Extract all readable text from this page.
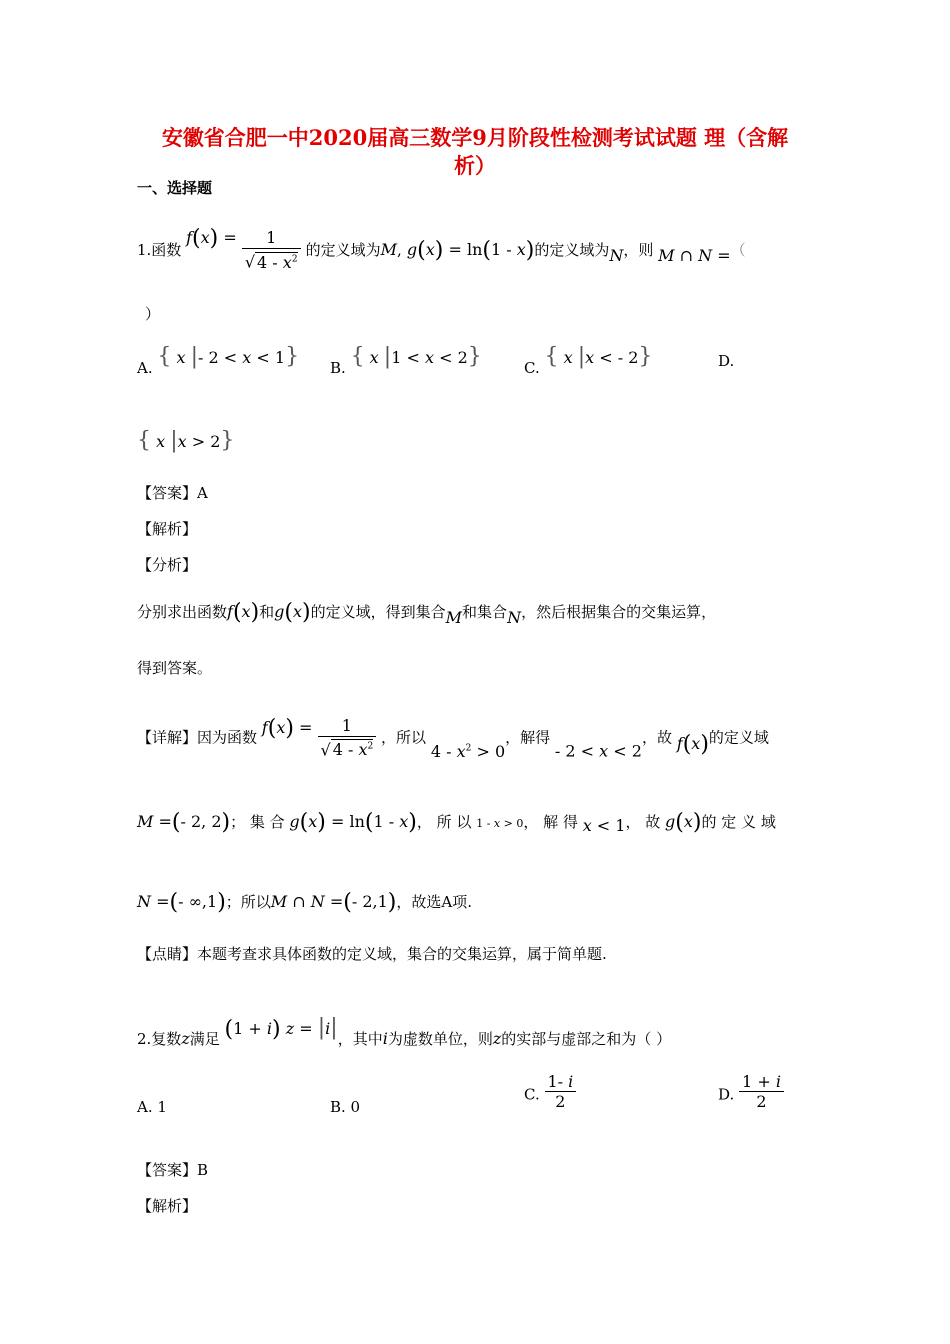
安徽省合肥一中2020届高三数学9月阶段性检测考试试题 理（含解
析）
一、选择题
1.函数 $f(x) = \frac{1}{√ 4 - x^2}$ 的定义域为M, g(x) = ln(1 - x)的定义域为N，则 M ∩ N =（
）
A. { x |- 2 < x < 1} B. { x |1 < x < 2}	C. { x |x < - 2}	D.
{ x |x > 2}
【答案】A
【解析】
【分析】
分别求出函数f(x)和g(x)的定义域，得到集合M和集合N，然后根据集合的交集运算，
得到答案。
【详解】因为函数 $f(x) = \frac{1}{√ 4 - x^2}$ ，所以 $4 - x^2 > 0$，解得 - 2 < x < 2，故 f(x)的定义域
M =(- 2, 2)； 集 合 g(x) = ln(1 - x)， 所 以 1 - x > 0， 解 得 x < 1， 故 g(x)的 定 义 域
N =(- ∞,1)；所以M ∩ N =(- 2,1)，故选A项.
【点睛】本题考查求具体函数的定义域，集合的交集运算，属于简单题.
2.复数z满足 (1 + i) z = |i|，其中i为虚数单位，则z的实部与虚部之和为（ ）
A. 1	B. 0
C. $\frac{1- i}{2}$	D. $\frac{1 + i}{2}$
【答案】B
【解析】
